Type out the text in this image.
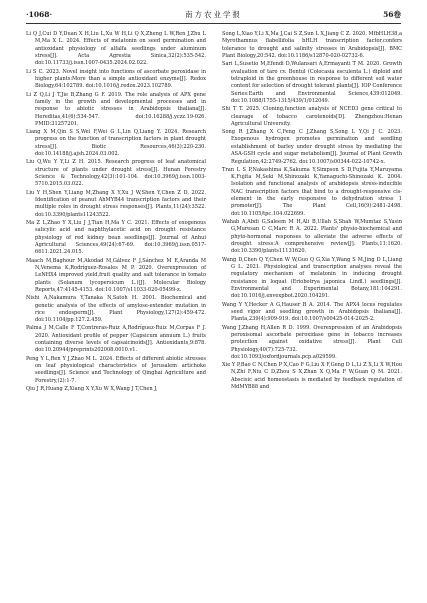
·1068·	南方农业学报	56卷

Li Q J,Cui D Y,Duan X H,Liu L,Xu W H,Li Q X,Zheng L W,Ren J,Zhu L M,Ma X L. 2024. Effects of melatonin on seed germination and antioxidant physiology of alfalfa seedlings under aluminum stress[J]. Acta Agrestia Sinica,32(2):535-542. doi:10.11733/j.issn.1007-0435.2024.02.022.

Li S C. 2023. Novel insight into functions of ascorbate peroxidase in higher plants:More than a simple antioxidant enzyme[J]. Redox Biology,64:102789. doi:10.1016/j.redox.2023.102789.

Li Z Q,Li J T,Jie B,Zhang G F. 2019. The role analysis of APX gene family in the growth and developmental processes and in response to abiotic stresses in Arabidopsis thaliana[J]. Hereditas,41(6):534-547. doi:10.16288/j.yczz.19-026. PMID:31257201.

Liang X M,Qin S S,Wei F,Wei G L,Lin Q,Liang Y. 2024. Research progress on the function of transcription factors in plant drought stress[J]. Biotic Resources,46(3):220-230. doi:10.14188/j.ajsh.2024.03.002.

Liu Q,Wu Y Y,Li Z H. 2015. Research progress of leaf anatomical structure of plants under drought stress[J]. Hunan Forestry Science & Technology,42(3):101-104. doi:10.3969/j.issn.1003-5710.2015.03.022.

Liu Y H,Shen Y,Liang M,Zhang X Y,Xu J W,Shen Y,Chen Z D. 2022. Identification of peanut AhMYB44 transcription factors and their multiple roles in drought stress responses[J]. Plants,11(24):3522. doi:10.3390/plants11243522.

Ma Z L,Zhao Y X,Liu J J,Tian H,Ma Y C. 2021. Effects of exogenous salicylic acid and naphthylacetic acid on drought resistance physiology of red kidney bean seedlings[J]. Journal of Anhui Agricultural Sciences,49(24):67-69. doi:10.3969/j.issn.0517-6611.2021.24.015.

Maach M,Baghour M,Akodad M,Gálvez F J,Sánchez M E,Aranda M N,Venema K,Rodríguez-Rosales M P. 2020. Overexpression of LeNHX4 improved yield,fruit quality and salt tolerance in tomato plants (Solanum lycopersicum L.)[J]. Molecular Biology Reports,47:4145-4153. doi:10.1007/s11033-020-05499-z.

Nishi A,Nakamura Y,Tanaka N,Satoh H. 2001. Biochemical and genetic analysis of the effects of amylose-extender mutation in rice endosperm[J]. Plant Physiology,127(2):459-472. doi:10.1104/pp.127.2.459.

Palma J M,Calle F T,Contreras-Ruiz A,Rodríguez-Ruiz M,Corpas F J. 2020. Antioxidant profile of pepper (Capsicum annuum L.) fruits containing diverse levels of capsaicinoids[J]. Antioxidants,9:878. doi:10.20944/preprints202008.0010.v1.

Peng Y L,Ren Y J,Zhao M L. 2024. Effects of different abiotic stresses on leaf physiological characteristics of Jerusalem artichoke seedlings[J]. Science and Technology of Qinghai Agriculture and Forestry,(2):1-7.

Qiu J R,Huang Z,Xiang X Y,Xu W X,Wang J T,Chen J,

Song L,Xiao Y,Li X,Ma J,Cai S Z,Sun L X,Jiang C Z. 2020. MfbHLH38,a Myrothamnus flabellifolia bHLH transcription factor,confers tolerance to drought and salinity stresses in Arabidopsis[J]. BMC Plant Biology,20:542. doi:10.1186/s12870-020-02732-6.

Sari L,Susetio M,Efendi D,Wulansari A,Ermayanti T M. 2020. Growth evaluation of taro cv. Bentul (Colocasia esculenta L.) diploid and tetraploid in the greenhouse in response to different soil water content for selection of drought tolerant plants[J]. IOP Conference Series:Earth and Environmental Science,439:012049. doi:10.1088/1755-1315/439/1/012049.

Shi T T. 2025. Cloning,function analysis of NCED3 gene critical to cleavage of tobacco carotenoids[D]. Zhengzhou:Henan Agricultural University.

Song R J,Zhang X C,Feng C J,Zhang S,Song L Y,Qi J C. 2023. Exogenous hydrogen promotes germination and seedling establishment of barley under drought stress by mediating the ASA-GSH cycle and sugar metabolism[J]. Journal of Plant Growth Regulation,42:2749-2762. doi:10.1007/s00344-022-10742-x.

Tran L S P,Nakashima K,Sakuma Y,Simpson S D,Fujita Y,Maruyama K,Fujita M,Seki M,Shinozaki K,Yamaguchi-Shinozaki K. 2004. Isolation and functional analysis of arabidopsis stress-inducible NAC transcription factors that bind to a drought-responsive cis-element in the early responsive to dehydration stress 1 promoter[J]. The Plant Cell,16(9):2481-2498. doi:10.1105/tpc.104.022699.

Wahab A,Abdi G,Saleem M H,Ali B,Ullah S,Shah W,Mumtaz S,Yasin G,Muresan C C,Marc R A. 2022. Plants' physio-biochemical and phyto-hormonal responses to alleviate the adverse effects of drought stress:A comprehensive review[J]. Plants,11:1620. doi:10.3390/plants11131620.

Wang D,Chen Q Y,Chen W W,Guo Q G,Xia Y,Wang S M,Jing D L,Liang G L. 2021. Physiological and transcription analyses reveal the regulatory mechanism of melatonin in inducing drought resistance in loquat (Eriobotrya japonica Lindl.) seedlings[J]. Environmental and Experimental Botany,181:104291. doi:10.1016/j.envexpbot.2020.104291.

Wang Y Y,Hecker A G,Hauser B A. 2014. The APX4 locus regulates seed vigor and seedling growth in Arabidopsis thaliana[J]. Planta,239(4):909-919. doi:10.1007/s00425-014-2025-2.

Wang J,Zhang H,Allen R D. 1999. Overexpression of an Arabidopsis peroxisomal ascorbate peroxidase gene in tobacco increases protection against oxidative stress[J]. Plant Cell Physiology,40(7):725-732. doi:10.1093/oxfordjournals.pcp.a029599.

Xie Y P,Bao C N,Chen P X,Cao F G,Liu X F,Geng D L,Li Z X,Li X W,Hou N,Zhi F,Niu C D,Zhou S X,Zhan X Q,Ma F W,Guan Q M. 2021. Abscisic acid homeostasis is mediated by feedback regulation of MdMYB88 and
